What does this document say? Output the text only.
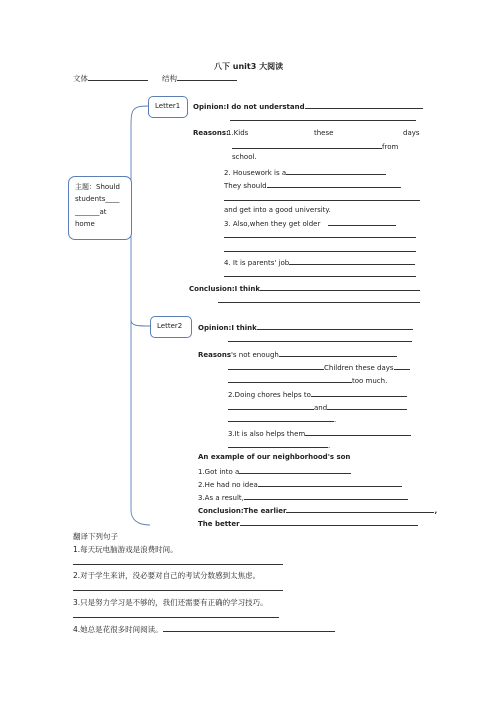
八下 unit3 大阅读
文体	结构
主题：Should
students____
_______at
home
Letter1 Opinion:I do not understand
Reasons:
1.Kids	these	days
from
school.
2. Housework is a
They should
and get into a good university.
3. Also,when they get older
4. It is parents' job
Conclusion:I think
Letter2 Opinion:I think
Reasons's not enough
Children these days
too much.
2.Doing chores helps to
and
.
3.It is also helps them
.
An example of our neighborhood's son
1.Got into a
2.He had no idea
3.As a result,
Conclusion:The earlier	,
The better
翻译下列句子
1.每天玩电脑游戏是浪费时间。
2.对于学生来讲，没必要对自己的考试分数感到太焦虑。
3.只是努力学习是不够的，我们还需要有正确的学习技巧。
4.她总是花很多时间阅读。
